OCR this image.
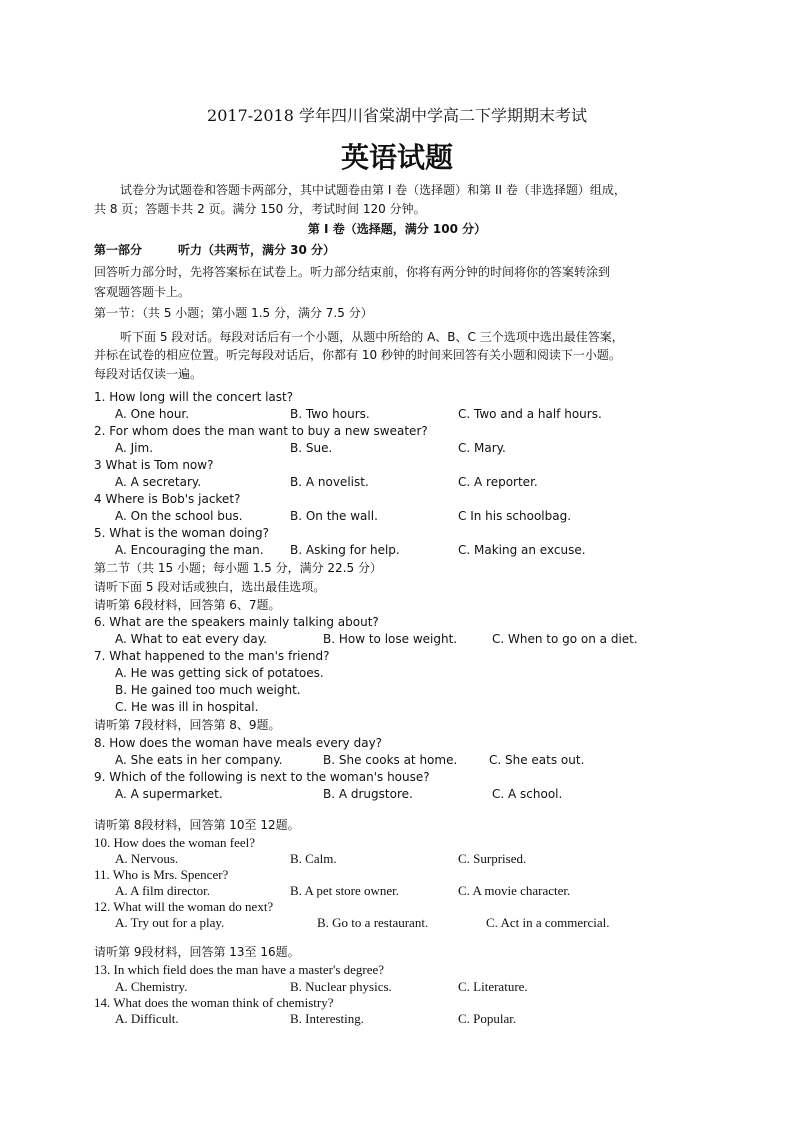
2017-2018 学年四川省棠湖中学高二下学期期末考试
英语试题
试卷分为试题卷和答题卡两部分，其中试题卷由第 I 卷（选择题）和第 II 卷（非选择题）组成，
共 8 页；答题卡共 2 页。满分 150 分，考试时间 120 分钟。
第 I 卷（选择题，满分 100 分）
第一部分	听力（共两节，满分 30 分）
回答听力部分时，先将答案标在试卷上。听力部分结束前，你将有两分钟的时间将你的答案转涂到
客观题答题卡上。
第一节：（共 5 小题；第小题 1.5 分，满分 7.5 分）
听下面 5 段对话。每段对话后有一个小题，从题中所给的 A、B、C 三个选项中选出最佳答案，
并标在试卷的相应位置。听完每段对话后，你都有 10 秒钟的时间来回答有关小题和阅读下一小题。
每段对话仅读一遍。
1. How long will the concert last?
A. One hour.	B. Two hours.	C. Two and a half hours.
2. For whom does the man want to buy a new sweater?
A. Jim.	B. Sue.	C. Mary.
3 What is Tom now?
A. A secretary.	B. A novelist.	C. A reporter.
4 Where is Bob's jacket?
A. On the school bus.	B. On the wall.	C In his schoolbag.
5. What is the woman doing?
A. Encouraging the man. B. Asking for help.	C. Making an excuse.
第二节（共 15 小题；每小题 1.5 分，满分 22.5 分）
请听下面 5 段对话或独白，选出最佳选项。
请听第 6段材料，回答第 6、7题。
6. What are the speakers mainly talking about?
A. What to eat every day.	B. How to lose weight.	C. When to go on a diet.
7. What happened to the man's friend?
A. He was getting sick of potatoes.
B. He gained too much weight.
C. He was ill in hospital.
请听第 7段材料，回答第 8、9题。
8. How does the woman have meals every day?
A. She eats in her company.	B. She cooks at home.	C. She eats out.
9. Which of the following is next to the woman's house?
A. A supermarket.	B. A drugstore.	C. A school.
请听第 8段材料，回答第 10至 12题。
10. How does the woman feel?
A. Nervous.	B. Calm.	C. Surprised.
11. Who is Mrs. Spencer?
A. A film director.	B. A pet store owner.	C. A movie character.
12. What will the woman do next?
A. Try out for a play.	B. Go to a restaurant.	C. Act in a commercial.
请听第 9段材料，回答第 13至 16题。
13. In which field does the man have a master's degree?
A. Chemistry.	B. Nuclear physics.	C. Literature.
14. What does the woman think of chemistry?
A. Difficult.	B. Interesting.	C. Popular.
